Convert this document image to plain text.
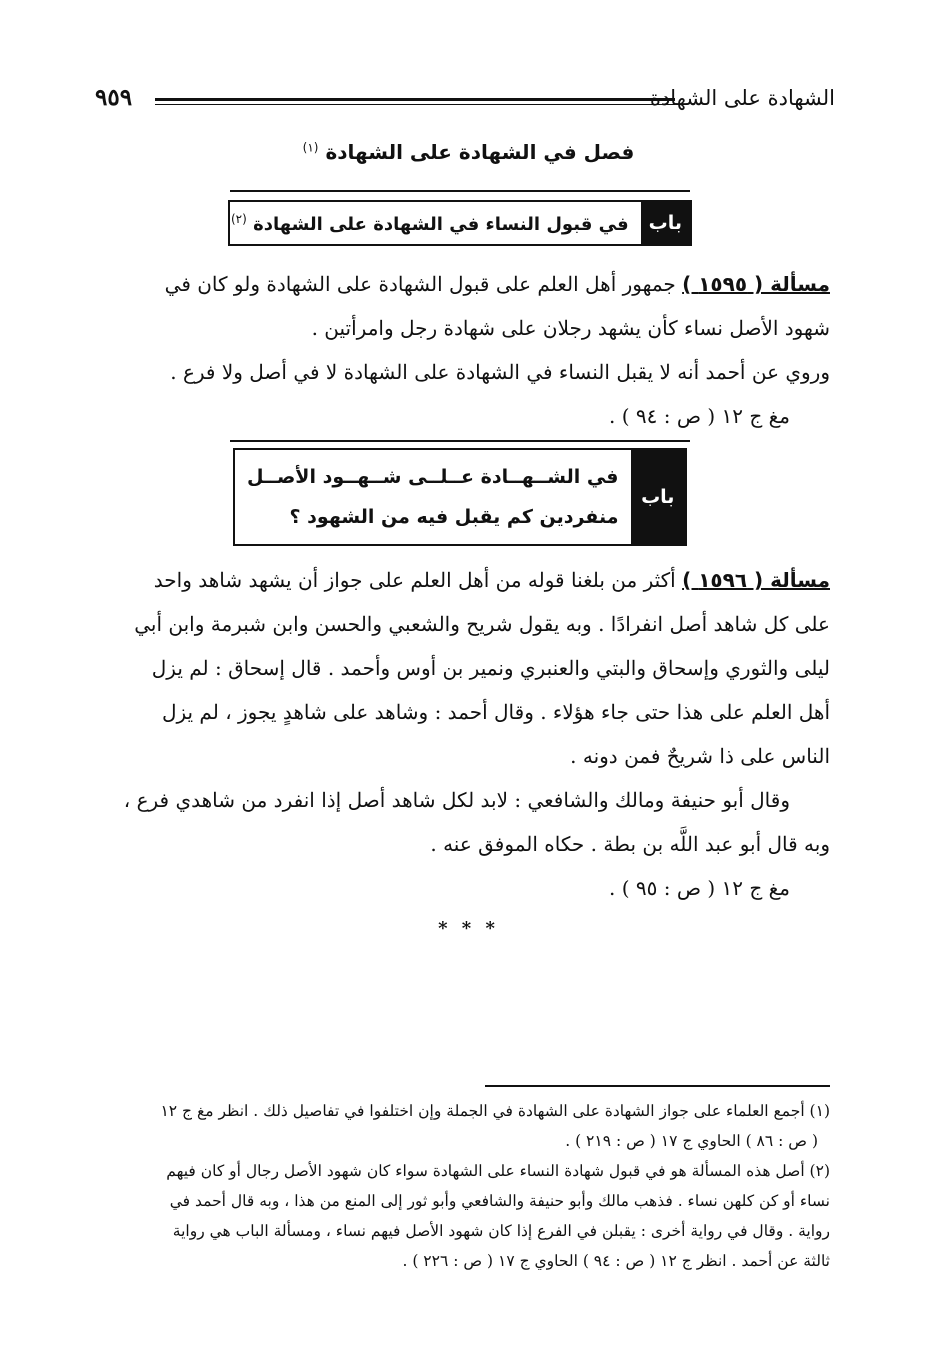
الشهادة على الشهادة
٩٥٩
فصل في الشهادة على الشهادة $^{(١)}$
باب
في قبول النساء في الشهادة على الشهادة $^{(٢)}$
مسألة ( ١٥٩٥ ) جمهور أهل العلم على قبول الشهادة على الشهادة ولو كان في
شهود الأصل نساء كأن يشهد رجلان على شهادة رجل وامرأتين .
وروي عن أحمد أنه لا يقبل النساء في الشهادة على الشهادة لا في أصل ولا فرع .
مغ ج ١٢ ( ص : ٩٤ ) .
باب
في الشــهــادة عــلــى شــهــود الأصــل
منفردين كم يقبل فيه من الشهود ؟
مسألة ( ١٥٩٦ ) أكثر من بلغنا قوله من أهل العلم على جواز أن يشهد شاهد واحد
على كل شاهد أصل انفرادًا . وبه يقول شريح والشعبي والحسن وابن شبرمة وابن أبي
ليلى والثوري وإسحاق والبتي والعنبري ونمير بن أوس وأحمد . قال إسحاق : لم يزل
أهل العلم على هذا حتى جاء هؤلاء . وقال أحمد : وشاهد على شاهدٍ يجوز ، لم يزل
الناس على ذا شريحٌ فمن دونه .
وقال أبو حنيفة ومالك والشافعي : لابد لكل شاهد أصل إذا انفرد من شاهدي فرع ،
وبه قال أبو عبد اللَّه بن بطة . حكاه الموفق عنه .
مغ ج ١٢ ( ص : ٩٥ ) .
* * *
(١) أجمع العلماء على جواز الشهادة على الشهادة في الجملة وإن اختلفوا في تفاصيل ذلك . انظر مغ ج ١٢
( ص : ٨٦ ) الحاوي ج ١٧ ( ص : ٢١٩ ) .
(٢) أصل هذه المسألة هو في قبول شهادة النساء على الشهادة سواء كان شهود الأصل رجال أو كان فيهم
نساء أو كن كلهن نساء . فذهب مالك وأبو حنيفة والشافعي وأبو ثور إلى المنع من هذا ، وبه قال أحمد في
رواية . وقال في رواية أخرى : يقبلن في الفرع إذا كان شهود الأصل فيهم نساء ، ومسألة الباب هي رواية
ثالثة عن أحمد . انظر ج ١٢ ( ص : ٩٤ ) الحاوي ج ١٧ ( ص : ٢٢٦ ) .
